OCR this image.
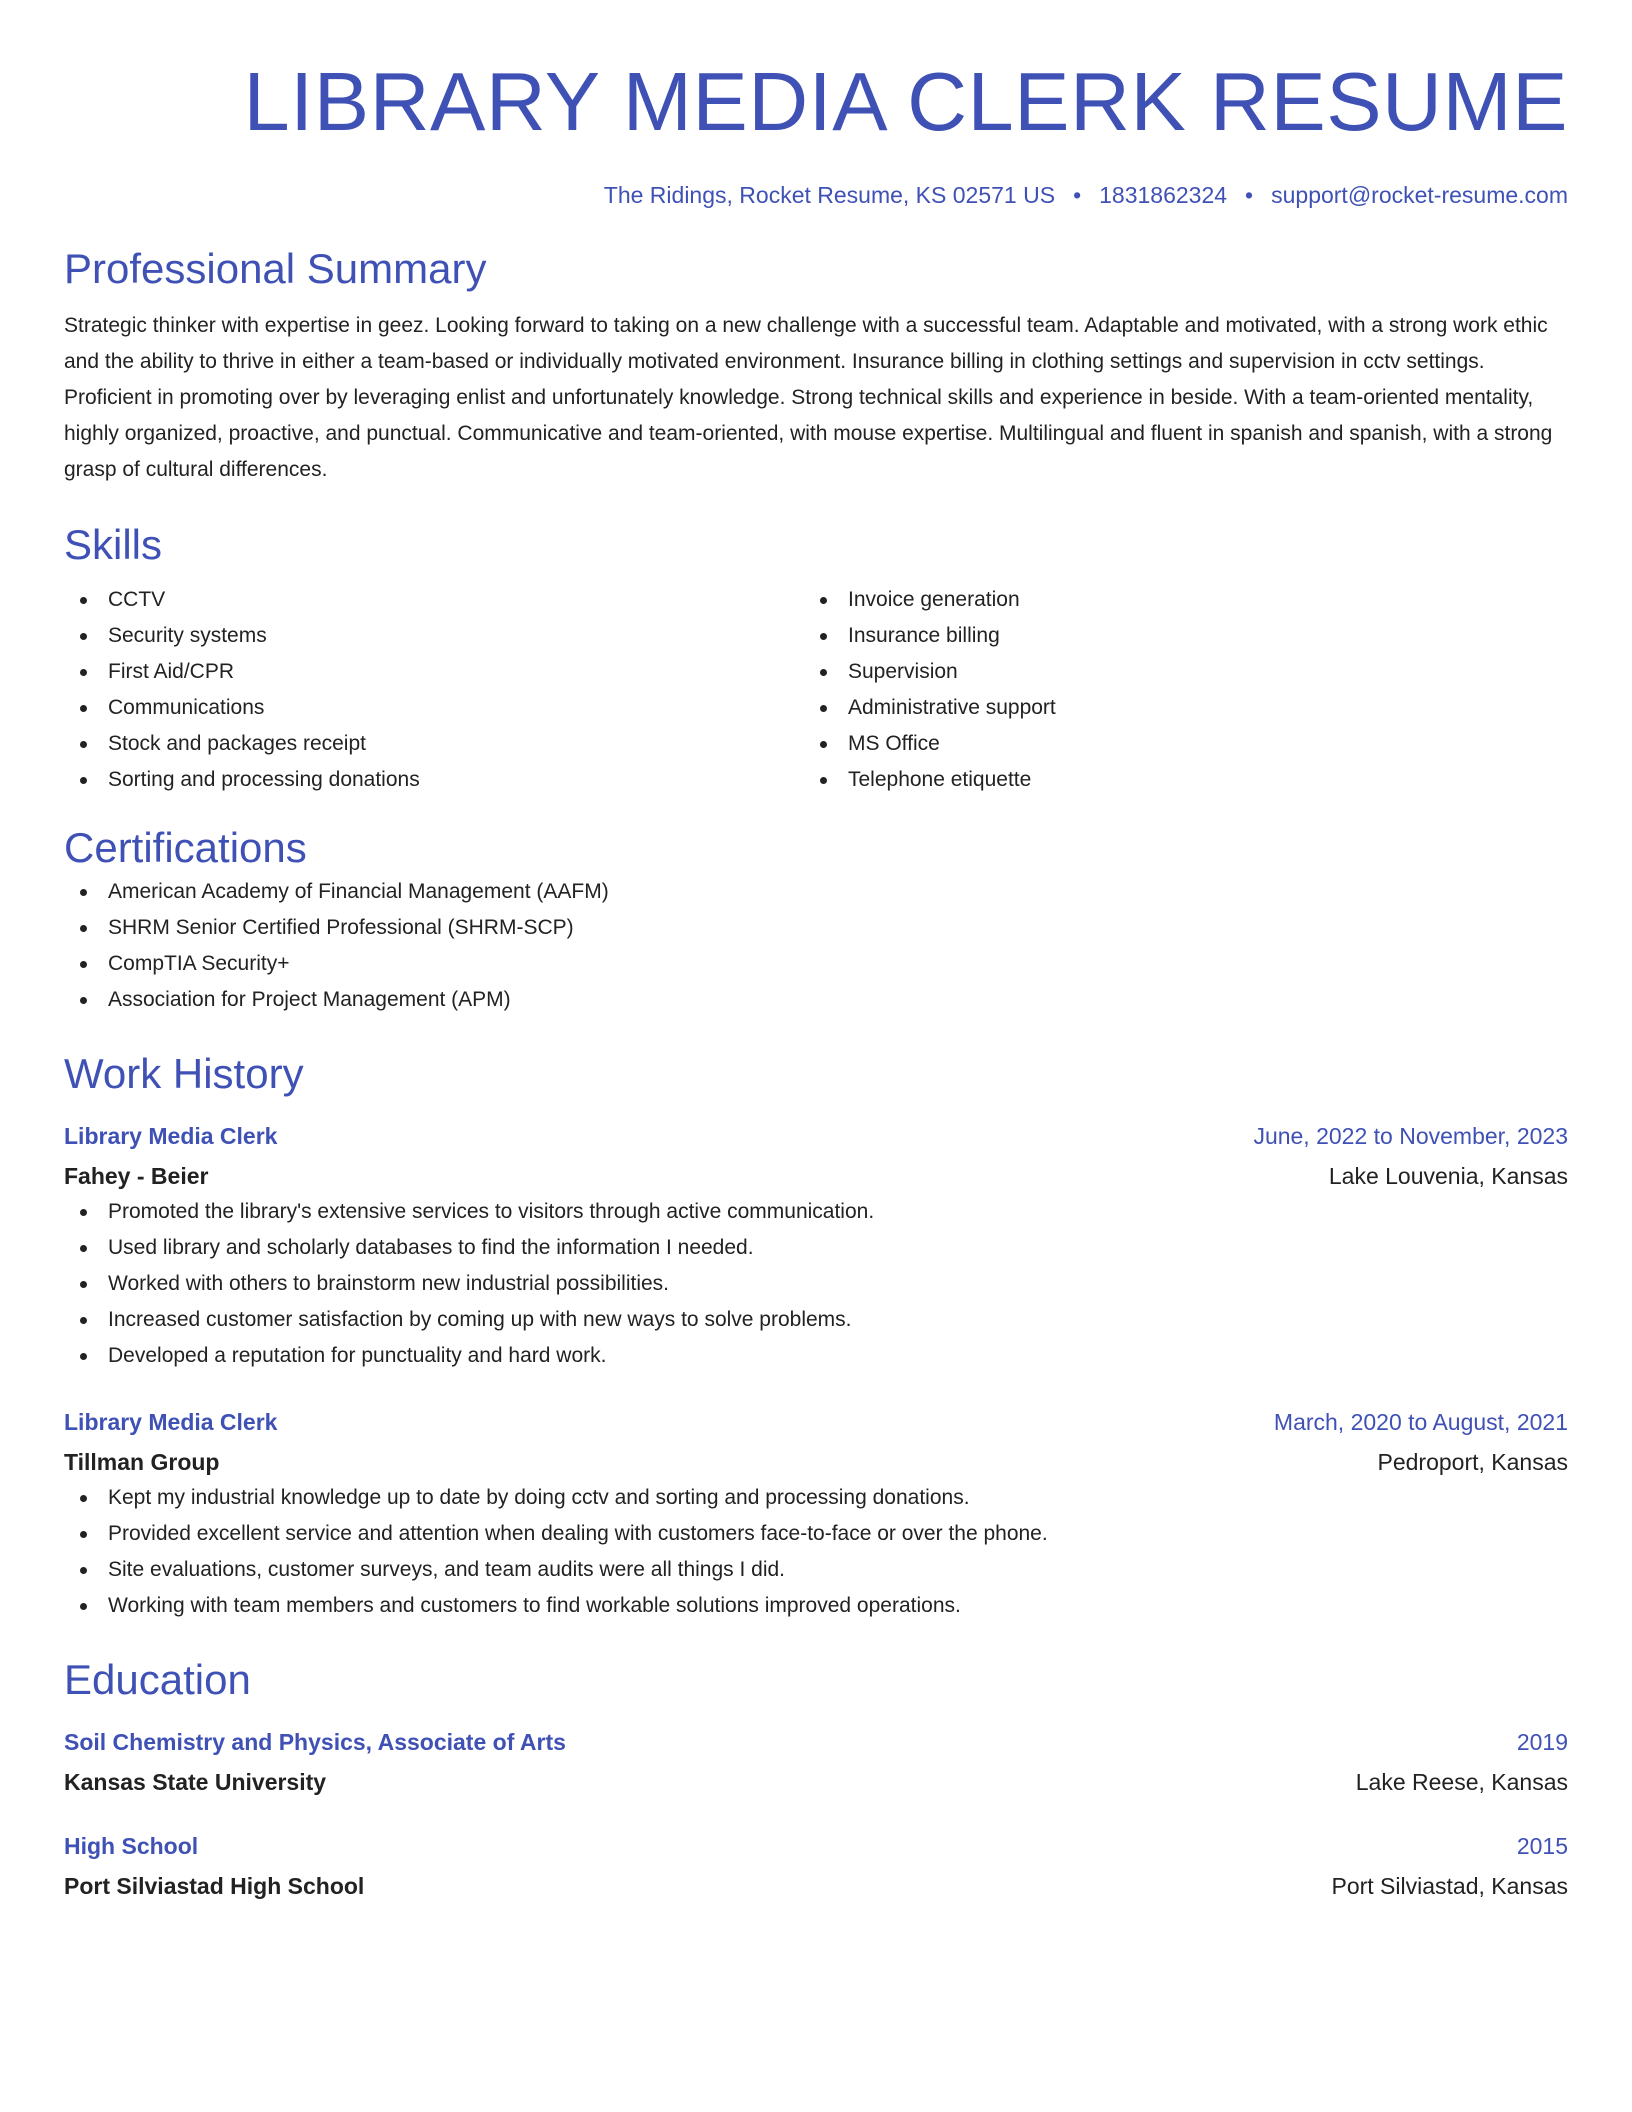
LIBRARY MEDIA CLERK RESUME
The Ridings, Rocket Resume, KS 02571 US • 1831862324 • support@rocket-resume.com
Professional Summary

Strategic thinker with expertise in geez. Looking forward to taking on a new challenge with a successful team. Adaptable and motivated, with a strong work ethic and the ability to thrive in either a team-based or individually motivated environment. Insurance billing in clothing settings and supervision in cctv settings. Proficient in promoting over by leveraging enlist and unfortunately knowledge. Strong technical skills and experience in beside. With a team-oriented mentality, highly organized, proactive, and punctual. Communicative and team-oriented, with mouse expertise. Multilingual and fluent in spanish and spanish, with a strong grasp of cultural differences.

Skills
CCTV
Security systems
First Aid/CPR
Communications
Stock and packages receipt
Sorting and processing donations
Invoice generation
Insurance billing
Supervision
Administrative support
MS Office
Telephone etiquette
Certifications
American Academy of Financial Management (AAFM)
SHRM Senior Certified Professional (SHRM-SCP)
CompTIA Security+
Association for Project Management (APM)
Work History
Library Media Clerk	June, 2022 to November, 2023
Fahey - Beier	Lake Louvenia, Kansas
Promoted the library's extensive services to visitors through active communication.
Used library and scholarly databases to find the information I needed.
Worked with others to brainstorm new industrial possibilities.
Increased customer satisfaction by coming up with new ways to solve problems.
Developed a reputation for punctuality and hard work.
Library Media Clerk	March, 2020 to August, 2021
Tillman Group	Pedroport, Kansas
Kept my industrial knowledge up to date by doing cctv and sorting and processing donations.
Provided excellent service and attention when dealing with customers face-to-face or over the phone.
Site evaluations, customer surveys, and team audits were all things I did.
Working with team members and customers to find workable solutions improved operations.
Education
Soil Chemistry and Physics, Associate of Arts	2019
Kansas State University	Lake Reese, Kansas
High School	2015
Port Silviastad High School	Port Silviastad, Kansas
